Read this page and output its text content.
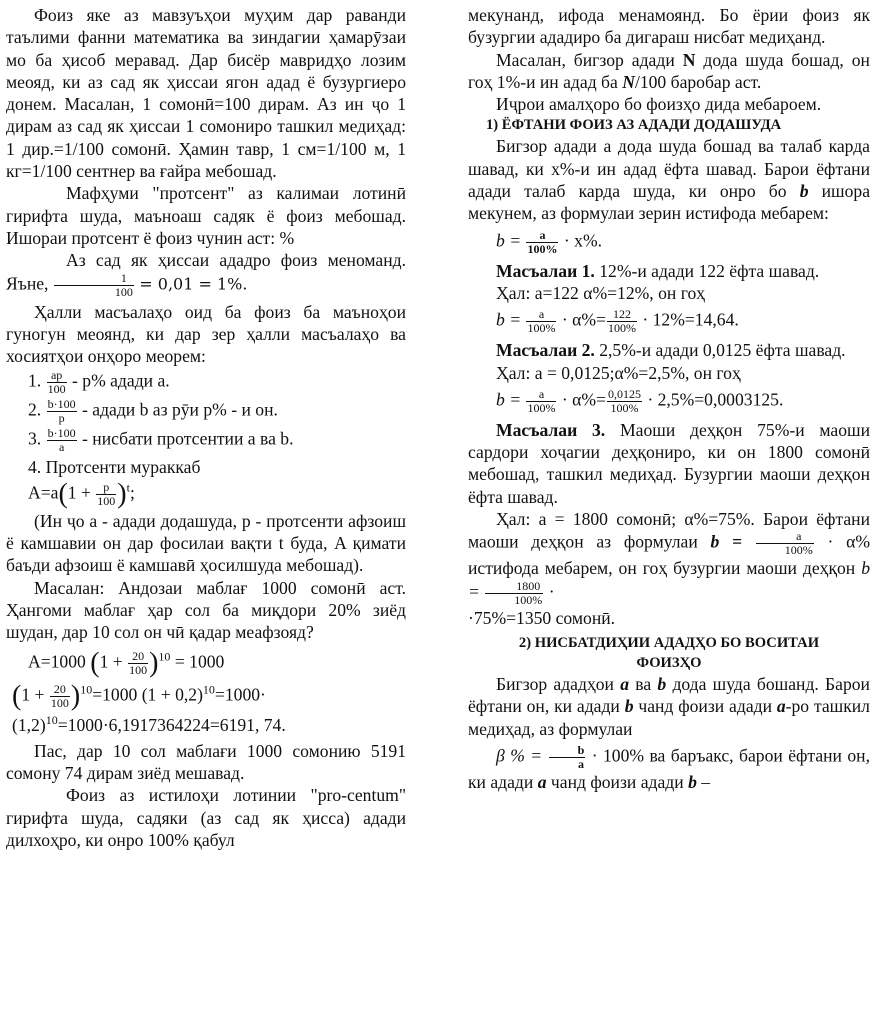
Фоиз яке аз мавзуъҳои муҳим дар раванди таълими фанни математика ва зиндагии ҳамарӯзаи мо ба ҳисоб меравад. Дар бисёр мавридҳо лозим меояд, ки аз сад як ҳиссаи ягон адад ё бузургиеро донем. Масалан, 1 сомонӣ=100 дирам. Аз ин ҷо 1 дирам аз сад як ҳиссаи 1 сомониро ташкил медиҳад: 1 дир.=1/100 сомонӣ. Ҳамин тавр, 1 см=1/100 м, 1 кг=1/100 сентнер ва ғайра мебошад.

Мафҳуми "протсент" аз калимаи лотинӣ гирифта шуда, маъноаш садяк ё фоиз мебошад. Ишораи протсент ё фоиз чунин аст: %

Аз сад як ҳиссаи ададро фоиз меноманд. Яъне, $\frac{1}{100} = 0,01 = 1\%$.

Ҳалли масъалаҳо оид ба фоиз ба маъноҳои гуногун меоянд, ки дар зер ҳалли масъалаҳо ва хосиятҳои онҳоро меорем:

1. $\frac{ap}{100} - p\%$ адади a.
2. $\frac{b\cdot 100}{p}$ - адади b аз рӯи p% - и он.
3. $\frac{b\cdot 100}{a}$ - нисбати протсентии a ва b.
4. Протсенти мураккаб
$A=a(1 + \frac{p}{100} )^t$;

(Ин ҷо а - адади додашуда, p - протсенти афзоиш ё камшавии он дар фосилаи вақти t буда, A қимати баъди афзоиш ё камшавӣ ҳосилшуда мебошад).

Масалан: Андозаи маблағ 1000 сомонӣ аст. Ҳангоми маблағ ҳар сол ба миқдори 20% зиёд шудан, дар 10 сол он чӣ қадар меафзояд?

A=1000 $(1 + \frac{20}{100} )^{10} = 1000$
$(1 + \frac{20}{100} )^{10}=1000$ $(1 + 0,2)^{10}=1000\cdot$
$(1,2)^{10}=1000\cdot 6,1917364224=6191$, 74.

Пас, дар 10 сол маблағи 1000 сомонию 5191 сомону 74 дирам зиёд мешавад.

Фоиз аз истилоҳи лотинии "pro-centum" гирифта шуда, садяки (аз сад як ҳисса) адади дилхоҳро, ки онро 100% қабул

мекунанд, ифода менамоянд. Бо ёрии фоиз як бузургии ададиро ба дигараш нисбат медиҳанд.

Масалан, бигзор адади N дода шуда бошад, он гоҳ 1%-и ин адад ба N/100 баробар аст.

Иҷрои амалҳоро бо фоизҳо дида мебароем.

1) ЁФТАНИ ФОИЗ АЗ АДАДИ ДОДАШУДА

Бигзор адади а дода шуда бошад ва талаб карда шавад, ки x%-и ин адад ёфта шавад. Барои ёфтани адади талаб карда шуда, ки онро бо b ишора мекунем, аз формулаи зерин истифода мебарем:

$b = \frac{a}{100\%} \cdot x\%$.

Масъалаи 1. 12%-и адади 122 ёфта шавад.

Ҳал: a=122 α%=12%, он гоҳ

$b = \frac{a}{100\%} \cdot \alpha\%= \frac{122}{100\%} \cdot 12\%=14,64$.

Масъалаи 2. 2,5%-и адади 0,0125 ёфта шавад.

Ҳал: a = 0,0125;α%=2,5%, он гоҳ

$b = \frac{a}{100\%} \cdot \alpha\%= \frac{0,0125}{100\%} \cdot 2,5\%=0,0003125$.

Масъалаи 3. Маоши деҳқон 75%-и маоши сардори хоҷагии деҳқониро, ки он 1800 сомонӣ мебошад, ташкил медиҳад. Бузургии маоши деҳқон ёфта шавад.

Ҳал: a = 1800 сомонӣ; α%=75%. Барои ёфтани маоши деҳқон аз формулаи $b = \frac{a}{100\%} \cdot \alpha\%$ истифода мебарем, он гоҳ бузургии маоши деҳқон $b = \frac{1800}{100\%}$ ·

·75%=1350 сомонӣ.

2) НИСБАТДИҲИИ АДАДҲО БО ВОСИТАИ
ФОИЗҲО

Бигзор ададҳои a ва b дода шуда бошанд. Барои ёфтани он, ки адади b чанд фоизи адади a-ро ташкил медиҳад, аз формулаи

β % = $\frac{b}{a} \cdot 100\%$ ва баръакс, барои ёфтани он, ки адади a чанд фоизи адади b –
